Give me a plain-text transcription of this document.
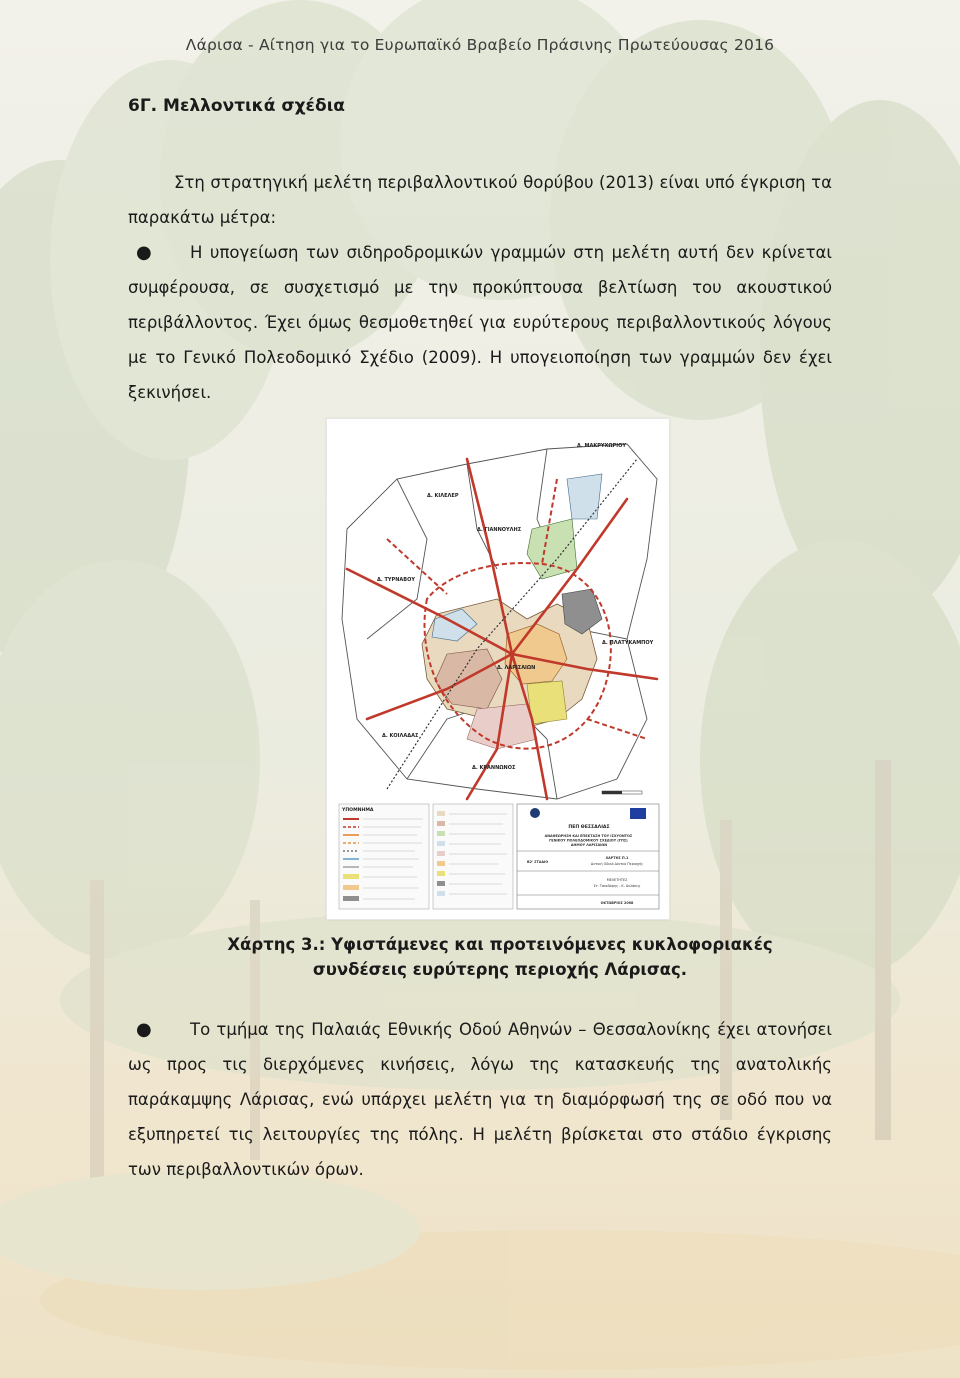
Λάρισα - Αίτηση για το Ευρωπαϊκό Βραβείο Πράσινης Πρωτεύουσας 2016
6Γ. Μελλοντικά σχέδια
Στη στρατηγική μελέτη περιβαλλοντικού θορύβου (2013) είναι υπό έγκριση τα παρακάτω μέτρα:
● Η υπογείωση των σιδηροδρομικών γραμμών στη μελέτη αυτή δεν κρίνεται συμφέρουσα, σε συσχετισμό με την προκύπτουσα βελτίωση του ακουστικού περιβάλλοντος. Έχει όμως θεσμοθετηθεί για ευρύτερους περιβαλλοντικούς λόγους με το Γενικό Πολεοδομικό Σχέδιο (2009). Η υπογειοποίηση των γραμμών δεν έχει ξεκινήσει.
Δ. ΜΑΚΡΥΧΩΡΙΟΥ
Δ. ΚΙΛΕΛΕΡ
Δ. ΓΙΑΝΝΟΥΛΗΣ
Δ. ΤΥΡΝΑΒΟΥ
Δ. ΠΛΑΤΥΚΑΜΠΟΥ
Δ. ΛΑΡΙΣΑΙΩΝ
Δ. ΚΟΙΛΑΔΑΣ
Δ. ΚΡΑΝΝΩΝΟΣ
ΥΠΟΜΝΗΜΑ
ΠΕΠ ΘΕΣΣΑΛΙΑΣ
ΑΝΑΘΕΩΡΗΣΗ ΚΑΙ ΕΠΕΚΤΑΣΗ ΤΟΥ ΙΣΧΥΟΝΤΟΣ ΓΕΝΙΚΟΥ ΠΟΛΕΟΔΟΜΙΚΟΥ ΣΧΕΔΙΟΥ (ΓΠΣ) ΔΗΜΟΥ ΛΑΡΙΣΑΙΩΝ
Β2' ΣΤΑΔΙΟ
ΧΑΡΤΗΣ Π.1
Δυτική Οδικό Δίκτυο Περιοχής
ΜΕΛΕΤΗΤΕΣ
Στ. Τσιαδάρης - Κ. Αυλάκης
ΟΚΤΩΒΡΙΟΣ 2008
Χάρτης 3.: Υφιστάμενες και προτεινόμενες κυκλοφοριακές
συνδέσεις ευρύτερης περιοχής Λάρισας.
● Το τμήμα της Παλαιάς Εθνικής Οδού Αθηνών – Θεσσαλονίκης έχει ατονήσει ως προς τις διερχόμενες κινήσεις, λόγω της κατασκευής της ανατολικής παράκαμψης Λάρισας, ενώ υπάρχει μελέτη για τη διαμόρφωσή της σε οδό που να εξυπηρετεί τις λειτουργίες της πόλης. Η μελέτη βρίσκεται στο στάδιο έγκρισης των περιβαλλοντικών όρων.
